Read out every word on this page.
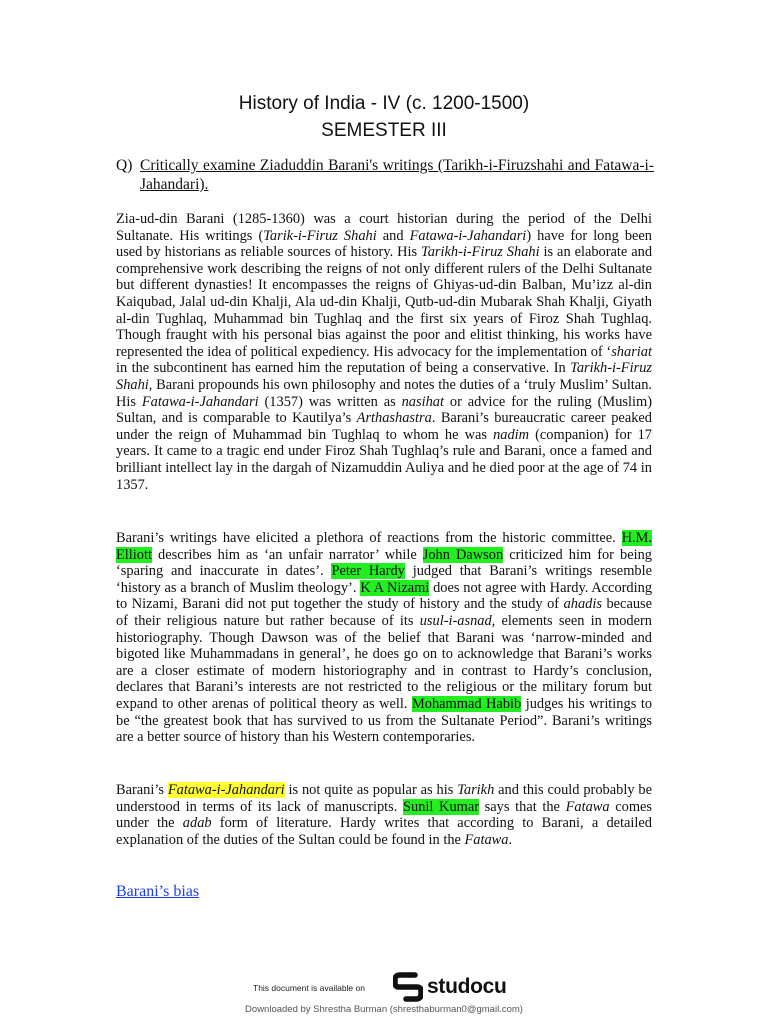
History of India - IV (c. 1200-1500)
SEMESTER III
Q) Critically examine Ziaduddin Barani's writings (Tarikh-i-Firuzshahi and Fatawa-i-Jahandari).
Zia-ud-din Barani (1285-1360) was a court historian during the period of the Delhi Sultanate. His writings (Tarik-i-Firuz Shahi and Fatawa-i-Jahandari) have for long been used by historians as reliable sources of history. His Tarikh-i-Firuz Shahi is an elaborate and comprehensive work describing the reigns of not only different rulers of the Delhi Sultanate but different dynasties! It encompasses the reigns of Ghiyas-ud-din Balban, Mu’izz al-din Kaiqubad, Jalal ud-din Khalji, Ala ud-din Khalji, Qutb-ud-din Mubarak Shah Khalji, Giyath al-din Tughlaq, Muhammad bin Tughlaq and the first six years of Firoz Shah Tughlaq. Though fraught with his personal bias against the poor and elitist thinking, his works have represented the idea of political expediency. His advocacy for the implementation of ‘shariat in the subcontinent has earned him the reputation of being a conservative. In Tarikh-i-Firuz Shahi, Barani propounds his own philosophy and notes the duties of a ‘truly Muslim’ Sultan. His Fatawa-i-Jahandari (1357) was written as nasihat or advice for the ruling (Muslim) Sultan, and is comparable to Kautilya’s Arthashastra. Barani’s bureaucratic career peaked under the reign of Muhammad bin Tughlaq to whom he was nadim (companion) for 17 years. It came to a tragic end under Firoz Shah Tughlaq’s rule and Barani, once a famed and brilliant intellect lay in the dargah of Nizamuddin Auliya and he died poor at the age of 74 in 1357.
Barani’s writings have elicited a plethora of reactions from the historic committee. H.M. Elliott describes him as ‘an unfair narrator’ while John Dawson criticized him for being ‘sparing and inaccurate in dates’. Peter Hardy judged that Barani’s writings resemble ‘history as a branch of Muslim theology’. K A Nizami does not agree with Hardy. According to Nizami, Barani did not put together the study of history and the study of ahadis because of their religious nature but rather because of its usul-i-asnad, elements seen in modern historiography. Though Dawson was of the belief that Barani was ‘narrow-minded and bigoted like Muhammadans in general’, he does go on to acknowledge that Barani’s works are a closer estimate of modern historiography and in contrast to Hardy’s conclusion, declares that Barani’s interests are not restricted to the religious or the military forum but expand to other arenas of political theory as well. Mohammad Habib judges his writings to be “the greatest book that has survived to us from the Sultanate Period”. Barani’s writings are a better source of history than his Western contemporaries.
Barani’s Fatawa-i-Jahandari is not quite as popular as his Tarikh and this could probably be understood in terms of its lack of manuscripts. Sunil Kumar says that the Fatawa comes under the adab form of literature. Hardy writes that according to Barani, a detailed explanation of the duties of the Sultan could be found in the Fatawa.
Barani’s bias
This document is available on	studocu
Downloaded by Shrestha Burman (shresthaburman0@gmail.com)
